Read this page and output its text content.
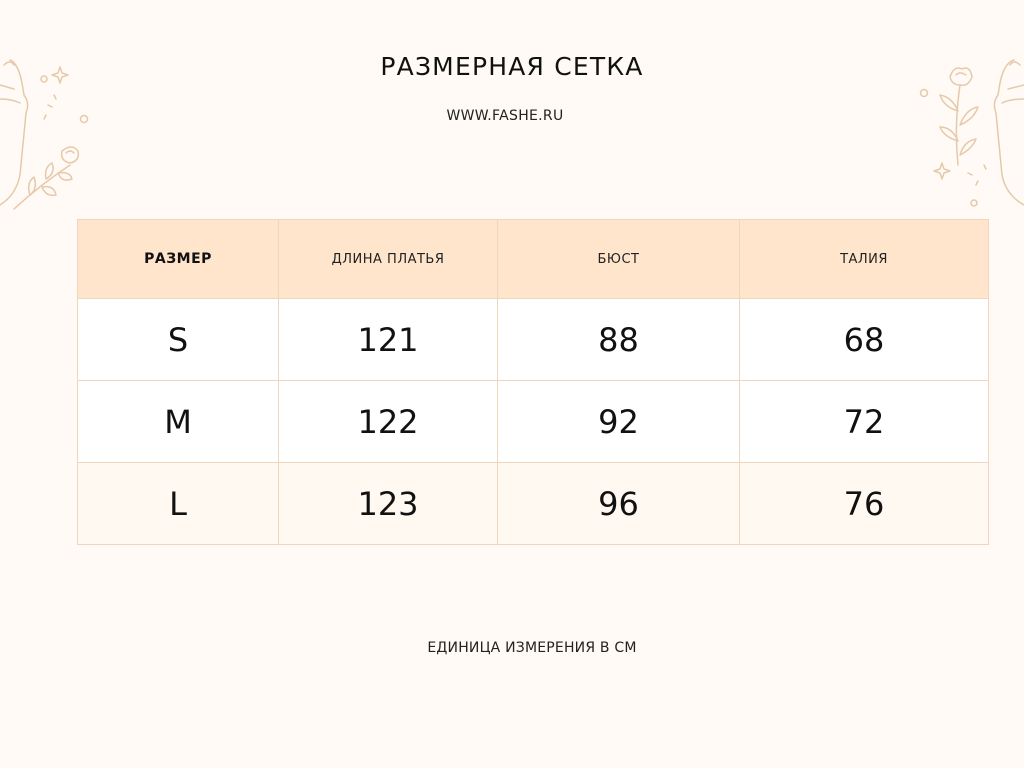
РАЗМЕРНАЯ СЕТКА
WWW.FASHE.RU
РАЗМЕР	ДЛИНА ПЛАТЬЯ	БЮСТ	ТАЛИЯ
S	121	88	68
M	122	92	72
L	123	96	76
ЕДИНИЦА ИЗМЕРЕНИЯ В СМ
